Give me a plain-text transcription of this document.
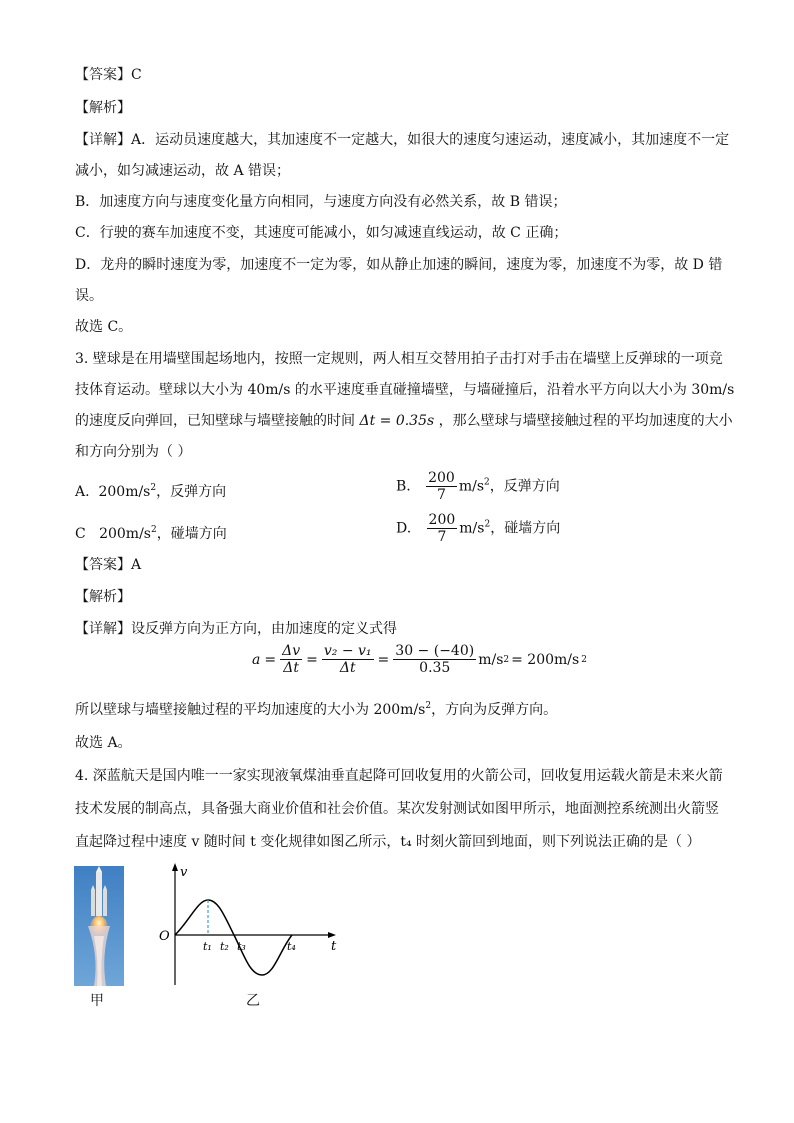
【答案】C
【解析】
【详解】A．运动员速度越大，其加速度不一定越大，如很大的速度匀速运动，速度减小，其加速度不一定
减小，如匀减速运动，故 A 错误；
B．加速度方向与速度变化量方向相同，与速度方向没有必然关系，故 B 错误；
C．行驶的赛车加速度不变，其速度可能减小，如匀减速直线运动，故 C 正确；
D．龙舟的瞬时速度为零，加速度不一定为零，如从静止加速的瞬间，速度为零，加速度不为零，故 D 错
误。
故选 C。
3. 壁球是在用墙壁围起场地内，按照一定规则，两人相互交替用拍子击打对手击在墙壁上反弹球的一项竞
技体育运动。壁球以大小为 40m/s 的水平速度垂直碰撞墙壁，与墙碰撞后，沿着水平方向以大小为 30m/s
的速度反向弹回，已知壁球与墙壁接触的时间 Δt = 0.35s ，那么壁球与墙壁接触过程的平均加速度的大小
和方向分别为（ ）
A. $200m/s^2$，反弹方向	B. $\frac{200}{7} m/s^2$，反弹方向
C $200m/s^2$，碰墙方向	D. $\frac{200}{7} m/s^2$，碰墙方向
【答案】A
【解析】
【详解】设反弹方向为正方向，由加速度的定义式得
$a = \frac{\Delta v}{\Delta t} = \frac{\text{v₂ − v₁}}{\Delta t} = \frac{30 - (-40)}{0.35} m/s$ 2 = 200m/s 2
所以壁球与墙壁接触过程的平均加速度的大小为 $200m/s^2$，方向为反弹方向。
故选 A。
4. 深蓝航天是国内唯一一家实现液氧煤油垂直起降可回收复用的火箭公司，回收复用运载火箭是未来火箭
技术发展的制高点，具备强大商业价值和社会价值。某次发射测试如图甲所示，地面测控系统测出火箭竖
直起降过程中速度 v 随时间 t 变化规律如图乙所示，t₄ 时刻火箭回到地面，则下列说法正确的是（ ）
甲
v
t
O
t₁ t₂ t₃	t₄
乙
